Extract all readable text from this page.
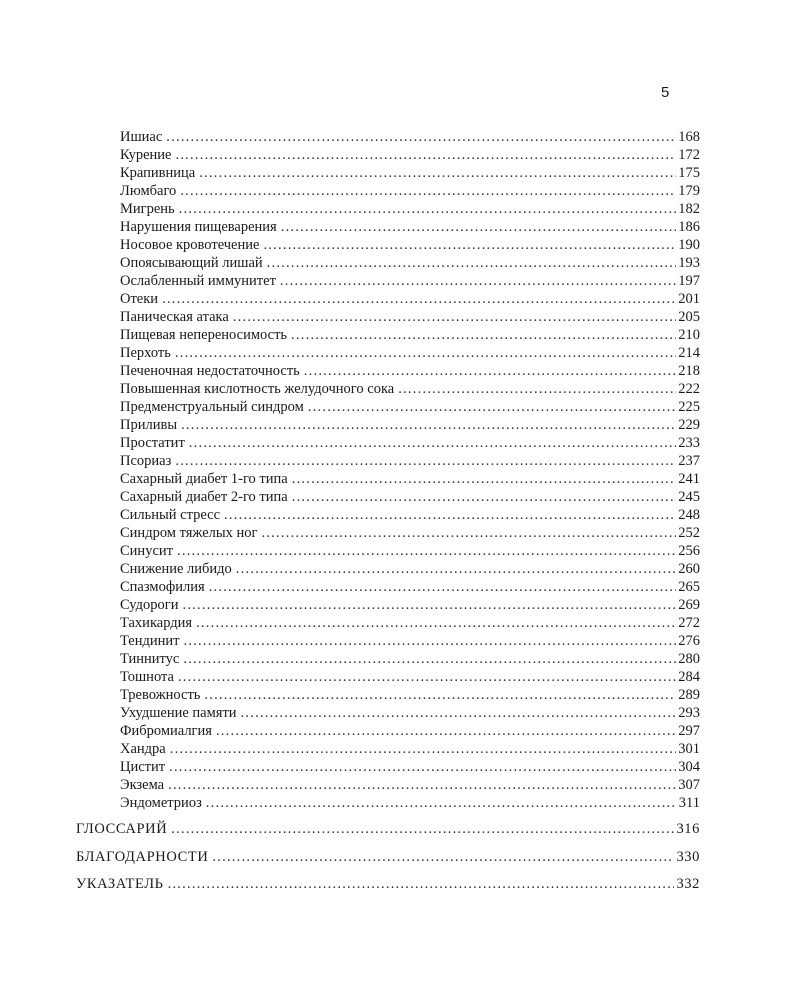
5
Ишиас . . .	168
Курение . . .	172
Крапивница . . .	175
Люмбаго . . .	179
Мигрень . . .	182
Нарушения пищеварения . . .	186
Носовое кровотечение . . .	190
Опоясывающий лишай . . .	193
Ослабленный иммунитет . . .	197
Отеки . . .	201
Паническая атака . . .	205
Пищевая непереносимость . . .	210
Перхоть . . .	214
Печеночная недостаточность . . .	218
Повышенная кислотность желудочного сока . . .	222
Предменструальный синдром . . .	225
Приливы . . .	229
Простатит . . .	233
Псориаз . . .	237
Сахарный диабет 1-го типа . . .	241
Сахарный диабет 2-го типа . . .	245
Сильный стресс . . .	248
Синдром тяжелых ног . . .	252
Синусит . . .	256
Снижение либидо . . .	260
Спазмофилия . . .	265
Судороги . . .	269
Тахикардия . . .	272
Тендинит . . .	276
Тиннитус . . .	280
Тошнота . . .	284
Тревожность . . .	289
Ухудшение памяти . . .	293
Фибромиалгия . . .	297
Хандра . . .	301
Цистит . . .	304
Экзема . . .	307
Эндометриоз . . .	311
ГЛОССАРИЙ . . .	316
БЛАГОДАРНОСТИ . . .	330
УКАЗАТЕЛЬ . . .	332
